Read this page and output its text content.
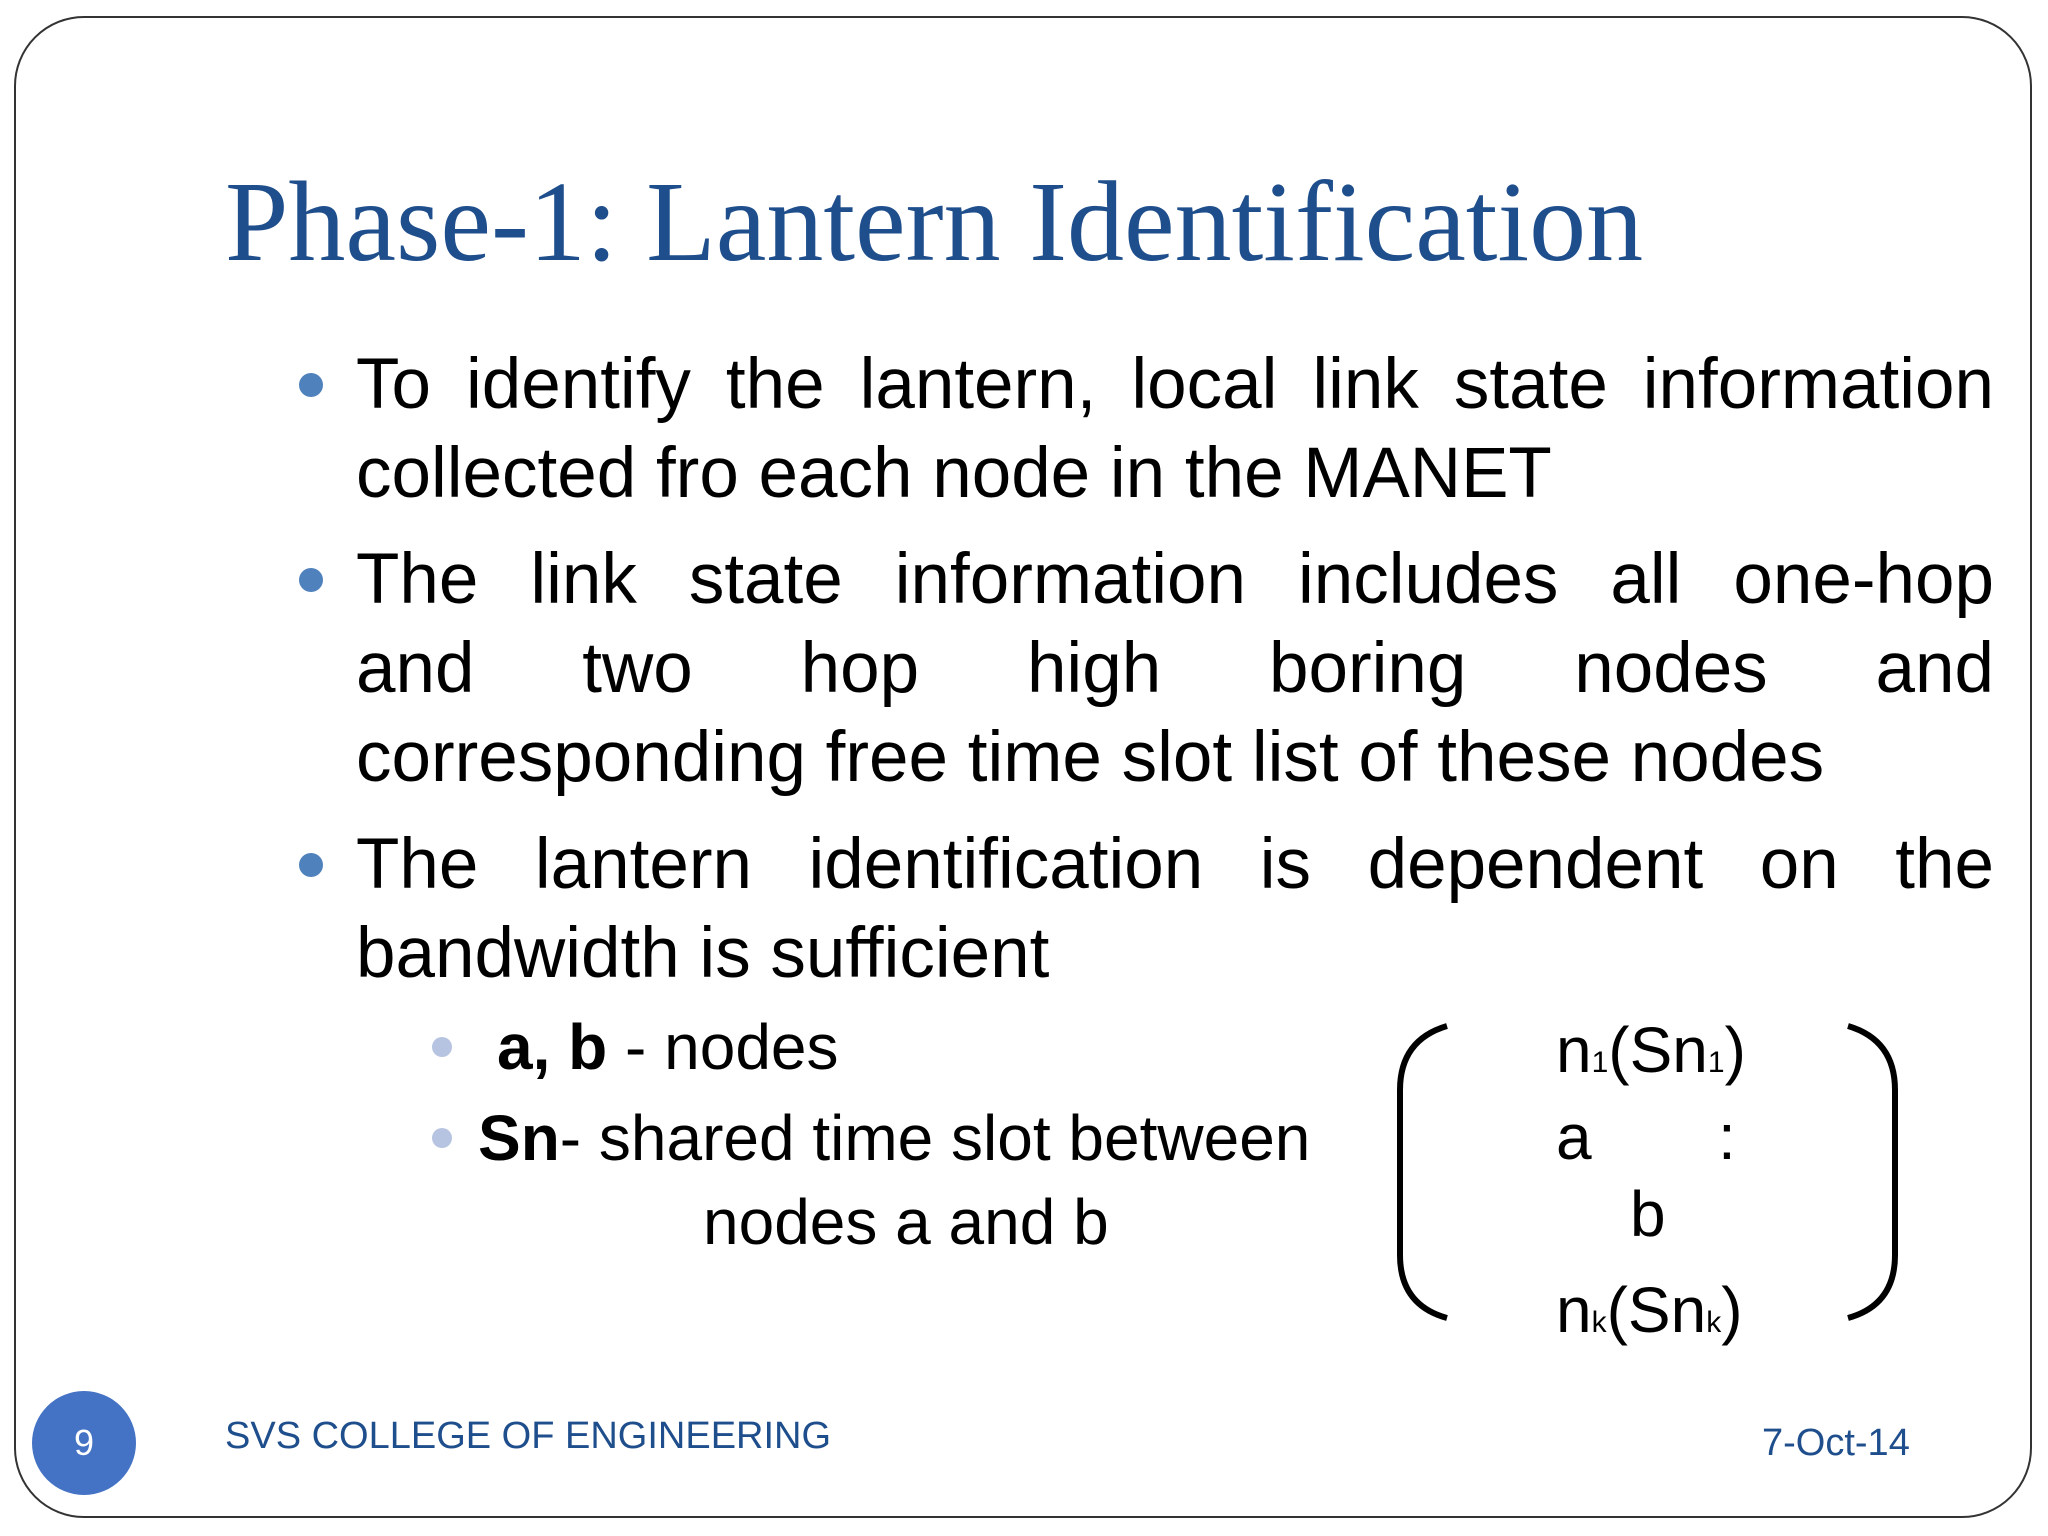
Phase-1: Lantern Identification
To identify the lantern, local link state information
collected fro each node in the MANET
The link state information includes all one-hop
and two hop high boring nodes and
corresponding free time slot list of these nodes
The lantern identification is dependent on the
bandwidth is sufficient
a, b - nodes
Sn- shared time slot between
nodes a and b
n1(Sn1)
a :
b
nk(Snk)
9	SVS COLLEGE OF ENGINEERING	7-Oct-14
